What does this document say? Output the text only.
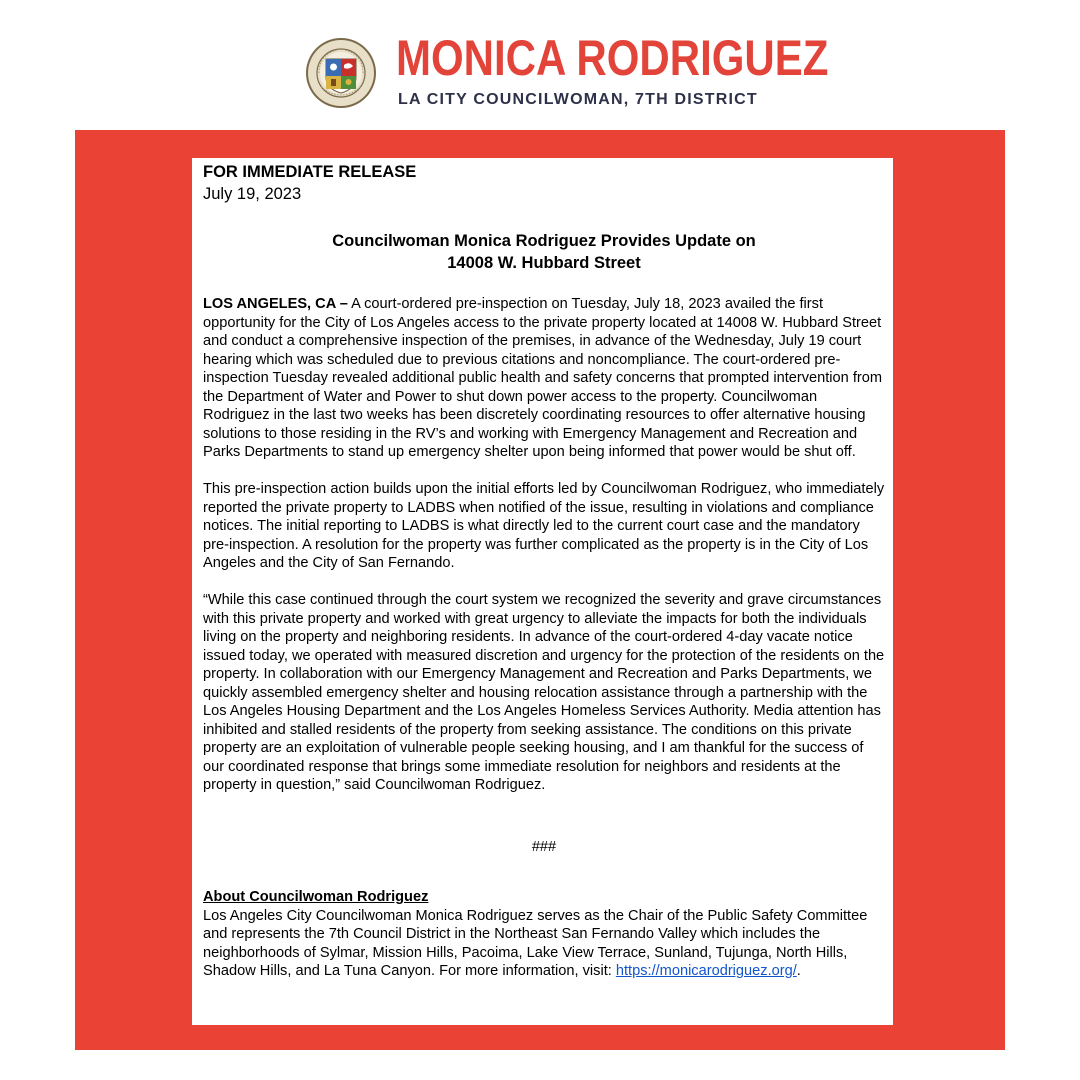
MONICA RODRIGUEZ
LA CITY COUNCILWOMAN, 7TH DISTRICT

FOR IMMEDIATE RELEASE

July 19, 2023

Councilwoman Monica Rodriguez Provides Update on
14008 W. Hubbard Street

LOS ANGELES, CA – A court-ordered pre-inspection on Tuesday, July 18, 2023 availed the first opportunity for the City of Los Angeles access to the private property located at 14008 W. Hubbard Street and conduct a comprehensive inspection of the premises, in advance of the Wednesday, July 19 court hearing which was scheduled due to previous citations and noncompliance. The court-ordered pre-inspection Tuesday revealed additional public health and safety concerns that prompted intervention from the Department of Water and Power to shut down power access to the property. Councilwoman Rodriguez in the last two weeks has been discretely coordinating resources to offer alternative housing solutions to those residing in the RV’s and working with Emergency Management and Recreation and Parks Departments to stand up emergency shelter upon being informed that power would be shut off.

This pre-inspection action builds upon the initial efforts led by Councilwoman Rodriguez, who immediately reported the private property to LADBS when notified of the issue, resulting in violations and compliance notices. The initial reporting to LADBS is what directly led to the current court case and the mandatory pre-inspection. A resolution for the property was further complicated as the property is in the City of Los Angeles and the City of San Fernando.

“While this case continued through the court system we recognized the severity and grave circumstances with this private property and worked with great urgency to alleviate the impacts for both the individuals living on the property and neighboring residents. In advance of the court-ordered 4-day vacate notice issued today, we operated with measured discretion and urgency for the protection of the residents on the property. In collaboration with our Emergency Management and Recreation and Parks Departments, we quickly assembled emergency shelter and housing relocation assistance through a partnership with the Los Angeles Housing Department and the Los Angeles Homeless Services Authority. Media attention has inhibited and stalled residents of the property from seeking assistance. The conditions on this private property are an exploitation of vulnerable people seeking housing, and I am thankful for the success of our coordinated response that brings some immediate resolution for neighbors and residents at the property in question,” said Councilwoman Rodriguez.

###

About Councilwoman Rodriguez

Los Angeles City Councilwoman Monica Rodriguez serves as the Chair of the Public Safety Committee and represents the 7th Council District in the Northeast San Fernando Valley which includes the neighborhoods of Sylmar, Mission Hills, Pacoima, Lake View Terrace, Sunland, Tujunga, North Hills, Shadow Hills, and La Tuna Canyon. For more information, visit: https://monicarodriguez.org/.
